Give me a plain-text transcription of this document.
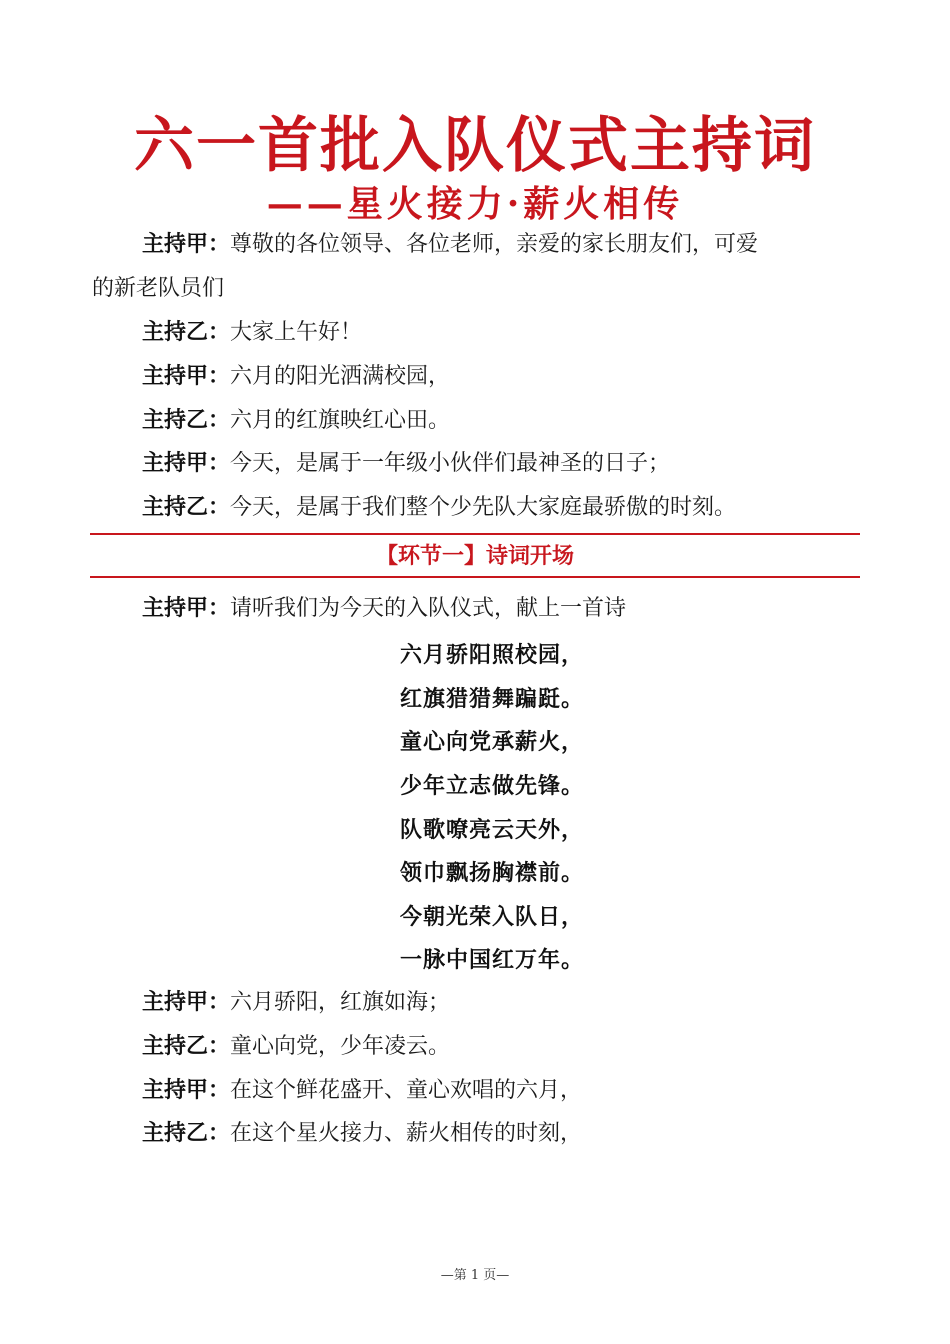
六一首批入队仪式主持词
——星火接力·薪火相传
主持甲：尊敬的各位领导、各位老师，亲爱的家长朋友们，可爱
的新老队员们
主持乙：大家上午好！
主持甲：六月的阳光洒满校园，
主持乙：六月的红旗映红心田。
主持甲：今天，是属于一年级小伙伴们最神圣的日子；
主持乙：今天，是属于我们整个少先队大家庭最骄傲的时刻。
【环节一】诗词开场
主持甲：请听我们为今天的入队仪式，献上一首诗
六月骄阳照校园，
红旗猎猎舞蹁跹。
童心向党承薪火，
少年立志做先锋。
队歌嘹亮云天外，
领巾飘扬胸襟前。
今朝光荣入队日，
一脉中国红万年。
主持甲：六月骄阳，红旗如海；
主持乙：童心向党，少年凌云。
主持甲：在这个鲜花盛开、童心欢唱的六月，
主持乙：在这个星火接力、薪火相传的时刻，
—第 1 页—
